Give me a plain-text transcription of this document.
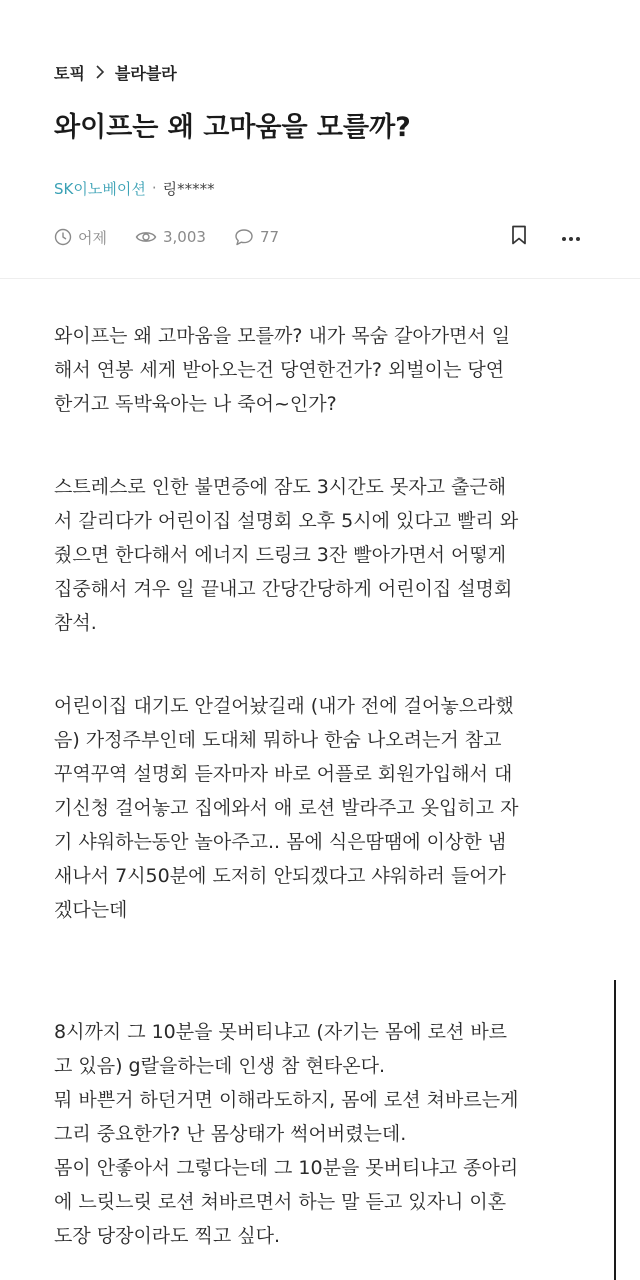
토픽 블라블라
와이프는 왜 고마움을 모를까?
SK이노베이션 · 링*****
어제	3,003	77

와이프는 왜 고마움을 모를까? 내가 목숨 갈아가면서 일
해서 연봉 세게 받아오는건 당연한건가? 외벌이는 당연
한거고 독박육아는 나 죽어~인가?

스트레스로 인한 불면증에 잠도 3시간도 못자고 출근해
서 갈리다가 어린이집 설명회 오후 5시에 있다고 빨리 와
줬으면 한다해서 에너지 드링크 3잔 빨아가면서 어떻게
집중해서 겨우 일 끝내고 간당간당하게 어린이집 설명회
참석.

어린이집 대기도 안걸어놨길래 (내가 전에 걸어놓으라했
음) 가정주부인데 도대체 뭐하나 한숨 나오려는거 참고
꾸역꾸역 설명회 듣자마자 바로 어플로 회원가입해서 대
기신청 걸어놓고 집에와서 애 로션 발라주고 옷입히고 자
기 샤워하는동안 놀아주고.. 몸에 식은땀땜에 이상한 냄
새나서 7시50분에 도저히 안되겠다고 샤워하러 들어가
겠다는데

8시까지 그 10분을 못버티냐고 (자기는 몸에 로션 바르
고 있음) g랄을하는데 인생 참 현타온다.
뭐 바쁜거 하던거면 이해라도하지, 몸에 로션 쳐바르는게
그리 중요한가? 난 몸상태가 썩어버렸는데.
몸이 안좋아서 그렇다는데 그 10분을 못버티냐고 종아리
에 느릿느릿 로션 쳐바르면서 하는 말 듣고 있자니 이혼
도장 당장이라도 찍고 싶다.
